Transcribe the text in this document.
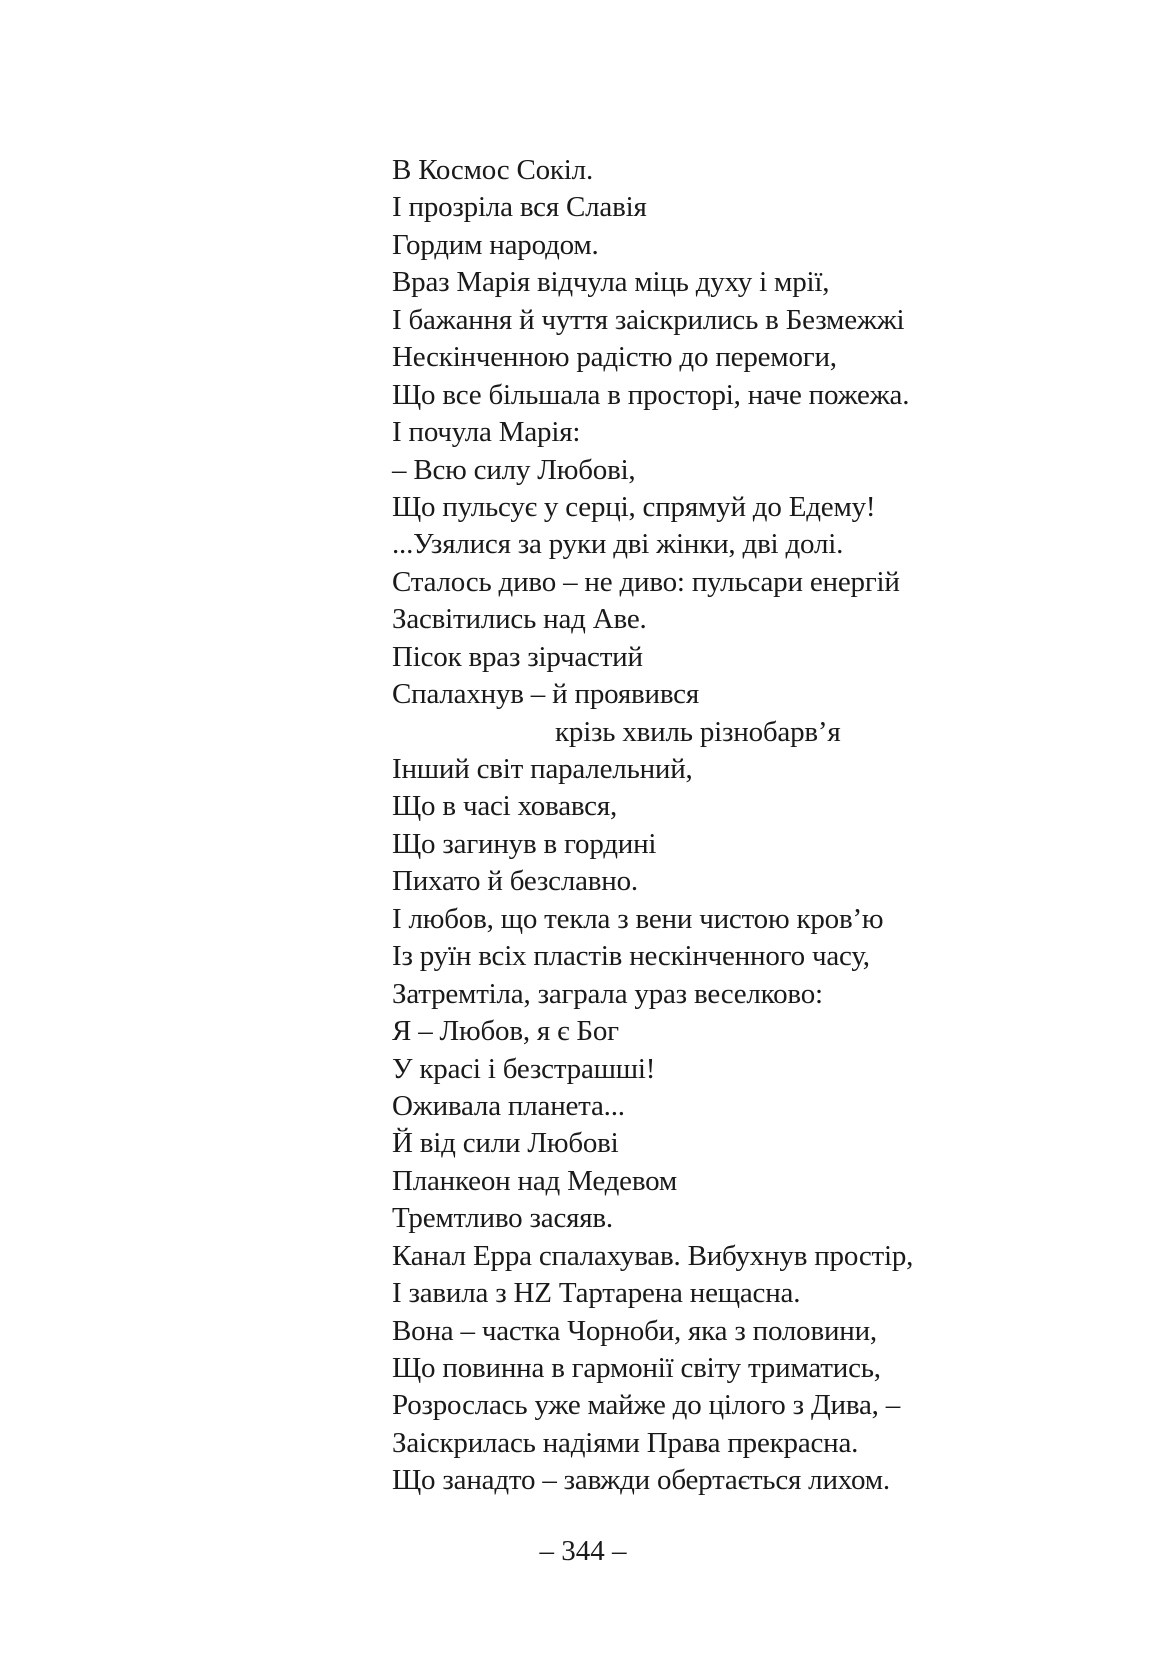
В Космос Сокіл.
І прозріла вся Славія
Гордим народом.
Враз Марія відчула міць духу і мрії,
І бажання й чуття заіскрились в Безмежжі
Нескінченною радістю до перемоги,
Що все більшала в просторі, наче пожежа.
І почула Марія:
– Всю силу Любові,
Що пульсує у серці, спрямуй до Едему!
...Узялися за руки дві жінки, дві долі.
Сталось диво – не диво: пульсари енергій
Засвітились над Аве.
Пісок враз зірчастий
Спалахнув – й проявився
крізь хвиль різнобарв’я
Інший світ паралельний,
Що в часі ховався,
Що загинув в гордині
Пихато й безславно.
І любов, що текла з вени чистою кров’ю
Із руїн всіх пластів нескінченного часу,
Затремтіла, заграла ураз веселково:
Я – Любов, я є Бог
У красі і безстрашші!
Оживала планета...
Й від сили Любові
Планкеон над Медевом
Тремтливо засяяв.
Канал Ерра спалахував. Вибухнув простір,
І завила з HZ Тартарена нещасна.
Вона – частка Чорноби, яка з половини,
Що повинна в гармонії світу триматись,
Розрослась уже майже до цілого з Дива, –
Заіскрилась надіями Права прекрасна.
Що занадто – завжди обертається лихом.
– 344 –
